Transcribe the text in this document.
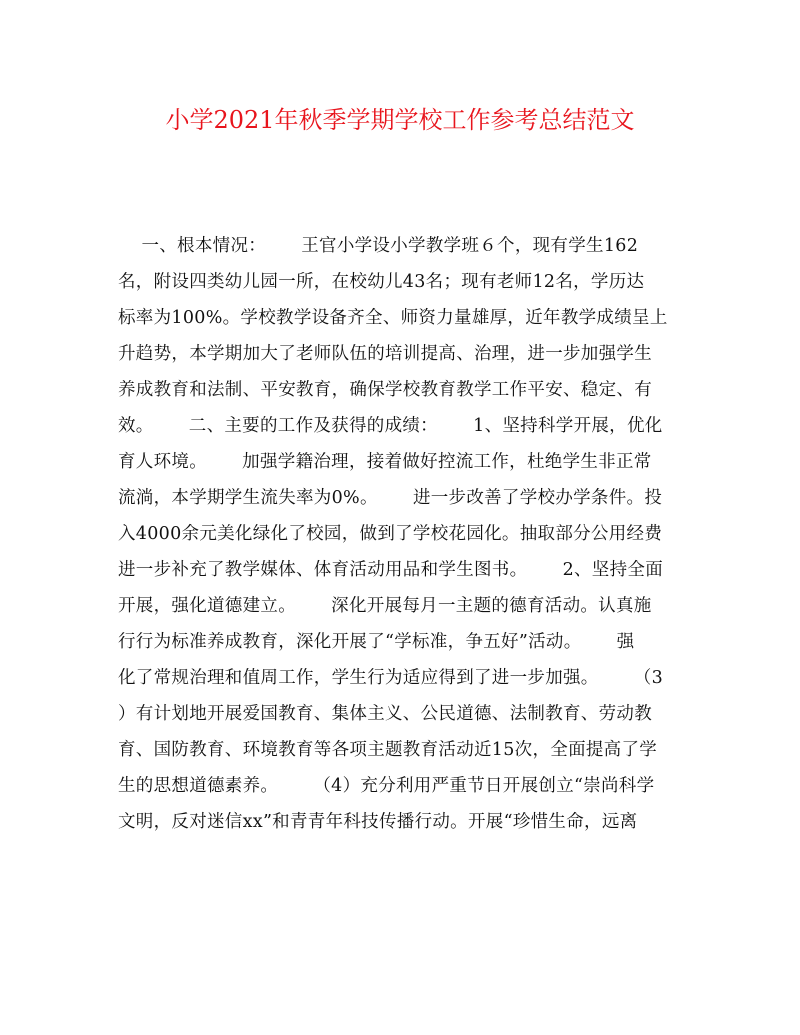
小学2021年秋季学期学校工作参考总结范文
一、根本情况：      王官小学设小学教学班６个，现有学生162
名，附设四类幼儿园一所，在校幼儿43名；现有老师12名，学历达
标率为100%。学校教学设备齐全、师资力量雄厚，近年教学成绩呈上
升趋势，本学期加大了老师队伍的培训提高、治理，进一步加强学生
养成教育和法制、平安教育，确保学校教育教学工作平安、稳定、有
效。      二、主要的工作及获得的成绩：      1、坚持科学开展，优化
育人环境。      加强学籍治理，接着做好控流工作，杜绝学生非正常
流淌，本学期学生流失率为0%。      进一步改善了学校办学条件。投
入4000余元美化绿化了校园，做到了学校花园化。抽取部分公用经费
进一步补充了教学媒体、体育活动用品和学生图书。      2、坚持全面
开展，强化道德建立。      深化开展每月一主题的德育活动。认真施
行行为标准养成教育，深化开展了“学标准，争五好”活动。      强
化了常规治理和值周工作，学生行为适应得到了进一步加强。      （3
）有计划地开展爱国教育、集体主义、公民道德、法制教育、劳动教
育、国防教育、环境教育等各项主题教育活动近15次，全面提高了学
生的思想道德素养。      （4）充分利用严重节日开展创立“崇尚科学
文明，反对迷信xx”和青青年科技传播行动。开展“珍惜生命，远离
